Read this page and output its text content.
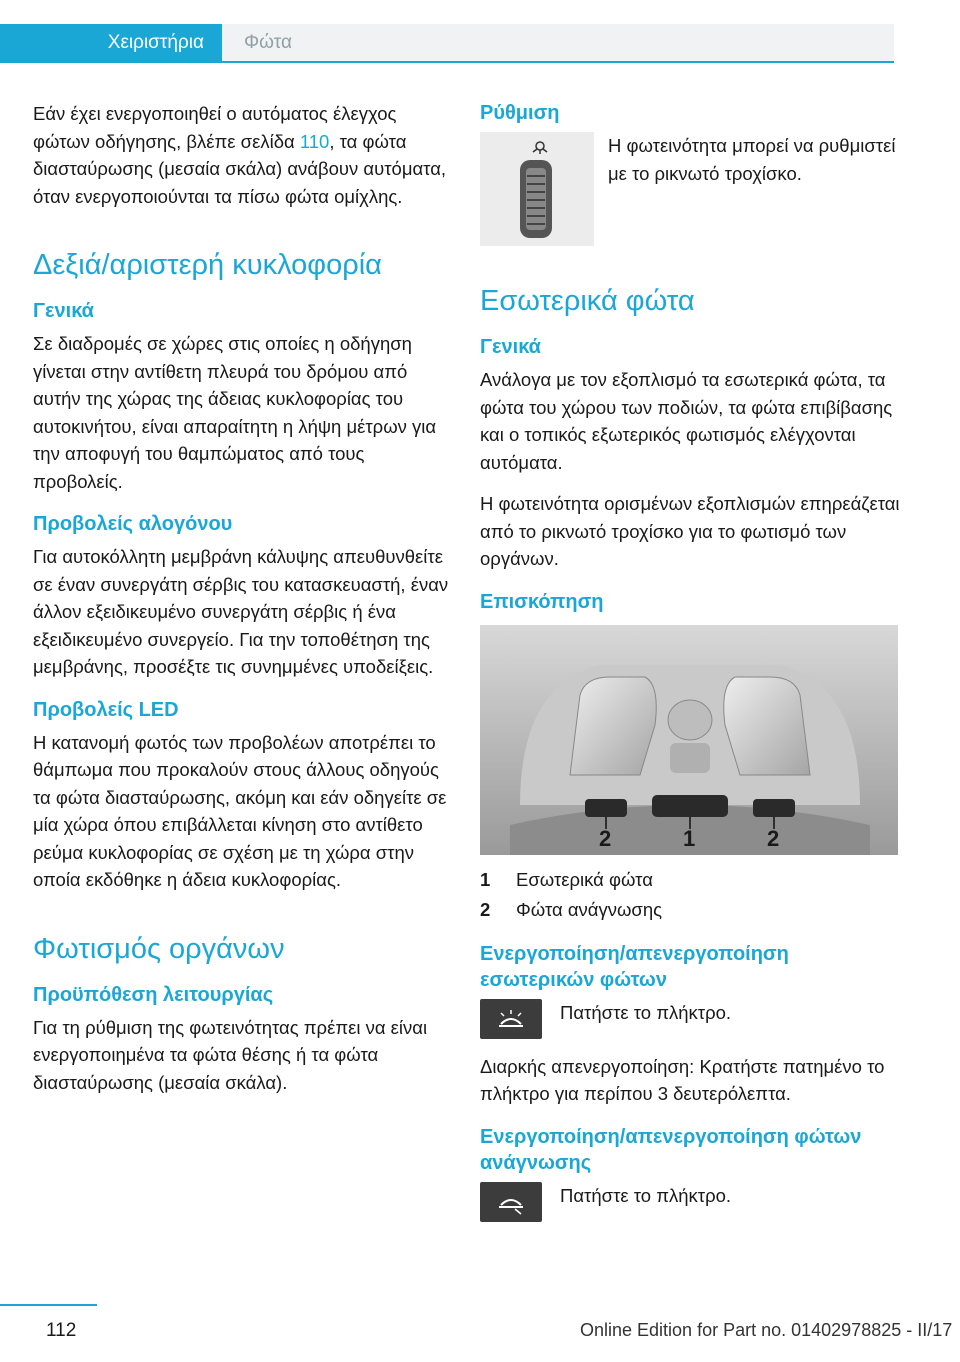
Χειριστήρια	Φώτα

Εάν έχει ενεργοποιηθεί ο αυτόματος έλεγχος φώτων οδήγησης, βλέπε σελίδα 110, τα φώτα διασταύρωσης (μεσαία σκάλα) ανάβουν αυτόματα, όταν ενεργοποιούνται τα πίσω φώτα ομίχλης.

Δεξιά/αριστερή κυκλοφορία
Γενικά

Σε διαδρομές σε χώρες στις οποίες η οδήγηση γίνεται στην αντίθετη πλευρά του δρόμου από αυτήν της χώρας της άδειας κυκλοφορίας του αυτοκινήτου, είναι απαραίτητη η λήψη μέτρων για την αποφυγή του θαμπώματος από τους προβολείς.

Προβολείς αλογόνου

Για αυτοκόλλητη μεμβράνη κάλυψης απευθυνθείτε σε έναν συνεργάτη σέρβις του κατασκευαστή, έναν άλλον εξειδικευμένο συνεργάτη σέρβις ή ένα εξειδικευμένο συνεργείο. Για την τοποθέτηση της μεμβράνης, προσέξτε τις συνημμένες υποδείξεις.

Προβολείς LED

Η κατανομή φωτός των προβολέων αποτρέπει το θάμπωμα που προκαλούν στους άλλους οδηγούς τα φώτα διασταύρωσης, ακόμη και εάν οδηγείτε σε μία χώρα όπου επιβάλλεται κίνηση στο αντίθετο ρεύμα κυκλοφορίας σε σχέση με τη χώρα στην οποία εκδόθηκε η άδεια κυκλοφορίας.

Φωτισμός οργάνων
Προϋπόθεση λειτουργίας

Για τη ρύθμιση της φωτεινότητας πρέπει να είναι ενεργοποιημένα τα φώτα θέσης ή τα φώτα διασταύρωσης (μεσαία σκάλα).

Ρύθμιση

Η φωτεινότητα μπορεί να ρυθμιστεί με το ρικνωτό τροχίσκο.

Εσωτερικά φώτα
Γενικά

Ανάλογα με τον εξοπλισμό τα εσωτερικά φώτα, τα φώτα του χώρου των ποδιών, τα φώτα επιβίβασης και ο τοπικός εξωτερικός φωτισμός ελέγχονται αυτόματα.

Η φωτεινότητα ορισμένων εξοπλισμών επηρεάζεται από το ρικνωτό τροχίσκο για το φωτισμό των οργάνων.

Επισκόπηση
2	1	2
1	Εσωτερικά φώτα
2	Φώτα ανάγνωσης
Ενεργοποίηση/απενεργοποίηση εσωτερικών φώτων

Πατήστε το πλήκτρο.

Διαρκής απενεργοποίηση: Κρατήστε πατημένο το πλήκτρο για περίπου 3 δευτερόλεπτα.

Ενεργοποίηση/απενεργοποίηση φώτων ανάγνωσης

Πατήστε το πλήκτρο.

112	Online Edition for Part no. 01402978825 - II/17
